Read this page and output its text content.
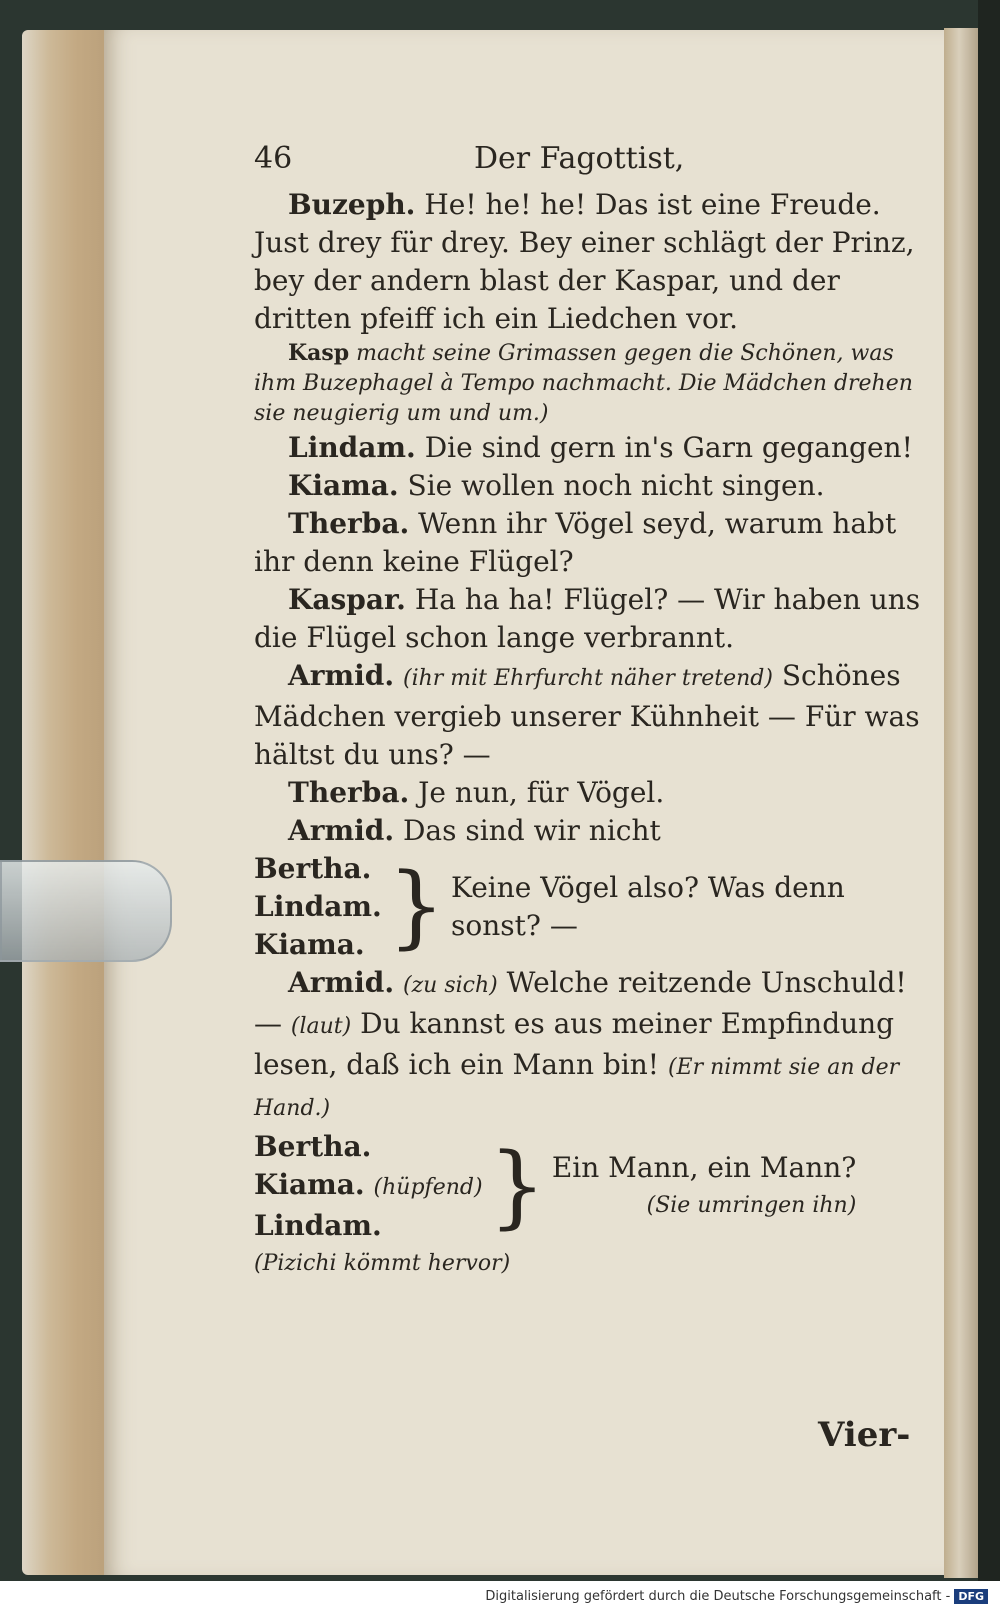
46	Der Fagottist,

Buzeph. He! he! he! Das ist eine Freude. Just drey für drey. Bey einer schlägt der Prinz, bey der andern blast der Kaspar, und der dritten pfeiff ich ein Liedchen vor.

Kasp macht seine Grimassen gegen die Schönen, was ihm Buzephagel à Tempo nachmacht. Die Mädchen drehen sie neugierig um und um.)

Lindam. Die sind gern in's Garn gegangen!

Kiama. Sie wollen noch nicht singen.

Therba. Wenn ihr Vögel seyd, warum habt ihr denn keine Flügel?

Kaspar. Ha ha ha! Flügel? — Wir haben uns die Flügel schon lange verbrannt.

Armid. (ihr mit Ehrfurcht näher tretend) Schönes Mädchen vergieb unserer Kühnheit — Für was hältst du uns? —

Therba. Je nun, für Vögel.

Armid. Das sind wir nicht

Bertha.
Lindam.
Kiama. } Keine Vögel also? Was denn sonst? —

Armid. (zu sich) Welche reitzende Unschuld! — (laut) Du kannst es aus meiner Empfindung lesen, daß ich ein Mann bin! (Er nimmt sie an der Hand.)

Bertha.
Kiama. (hüpfend)
Lindam.	} Ein Mann, ein Mann?
(Sie umringen ihn)

(Pizichi kömmt hervor)

Vier-
Digitalisierung gefördert durch die Deutsche Forschungsgemeinschaft - DFG
